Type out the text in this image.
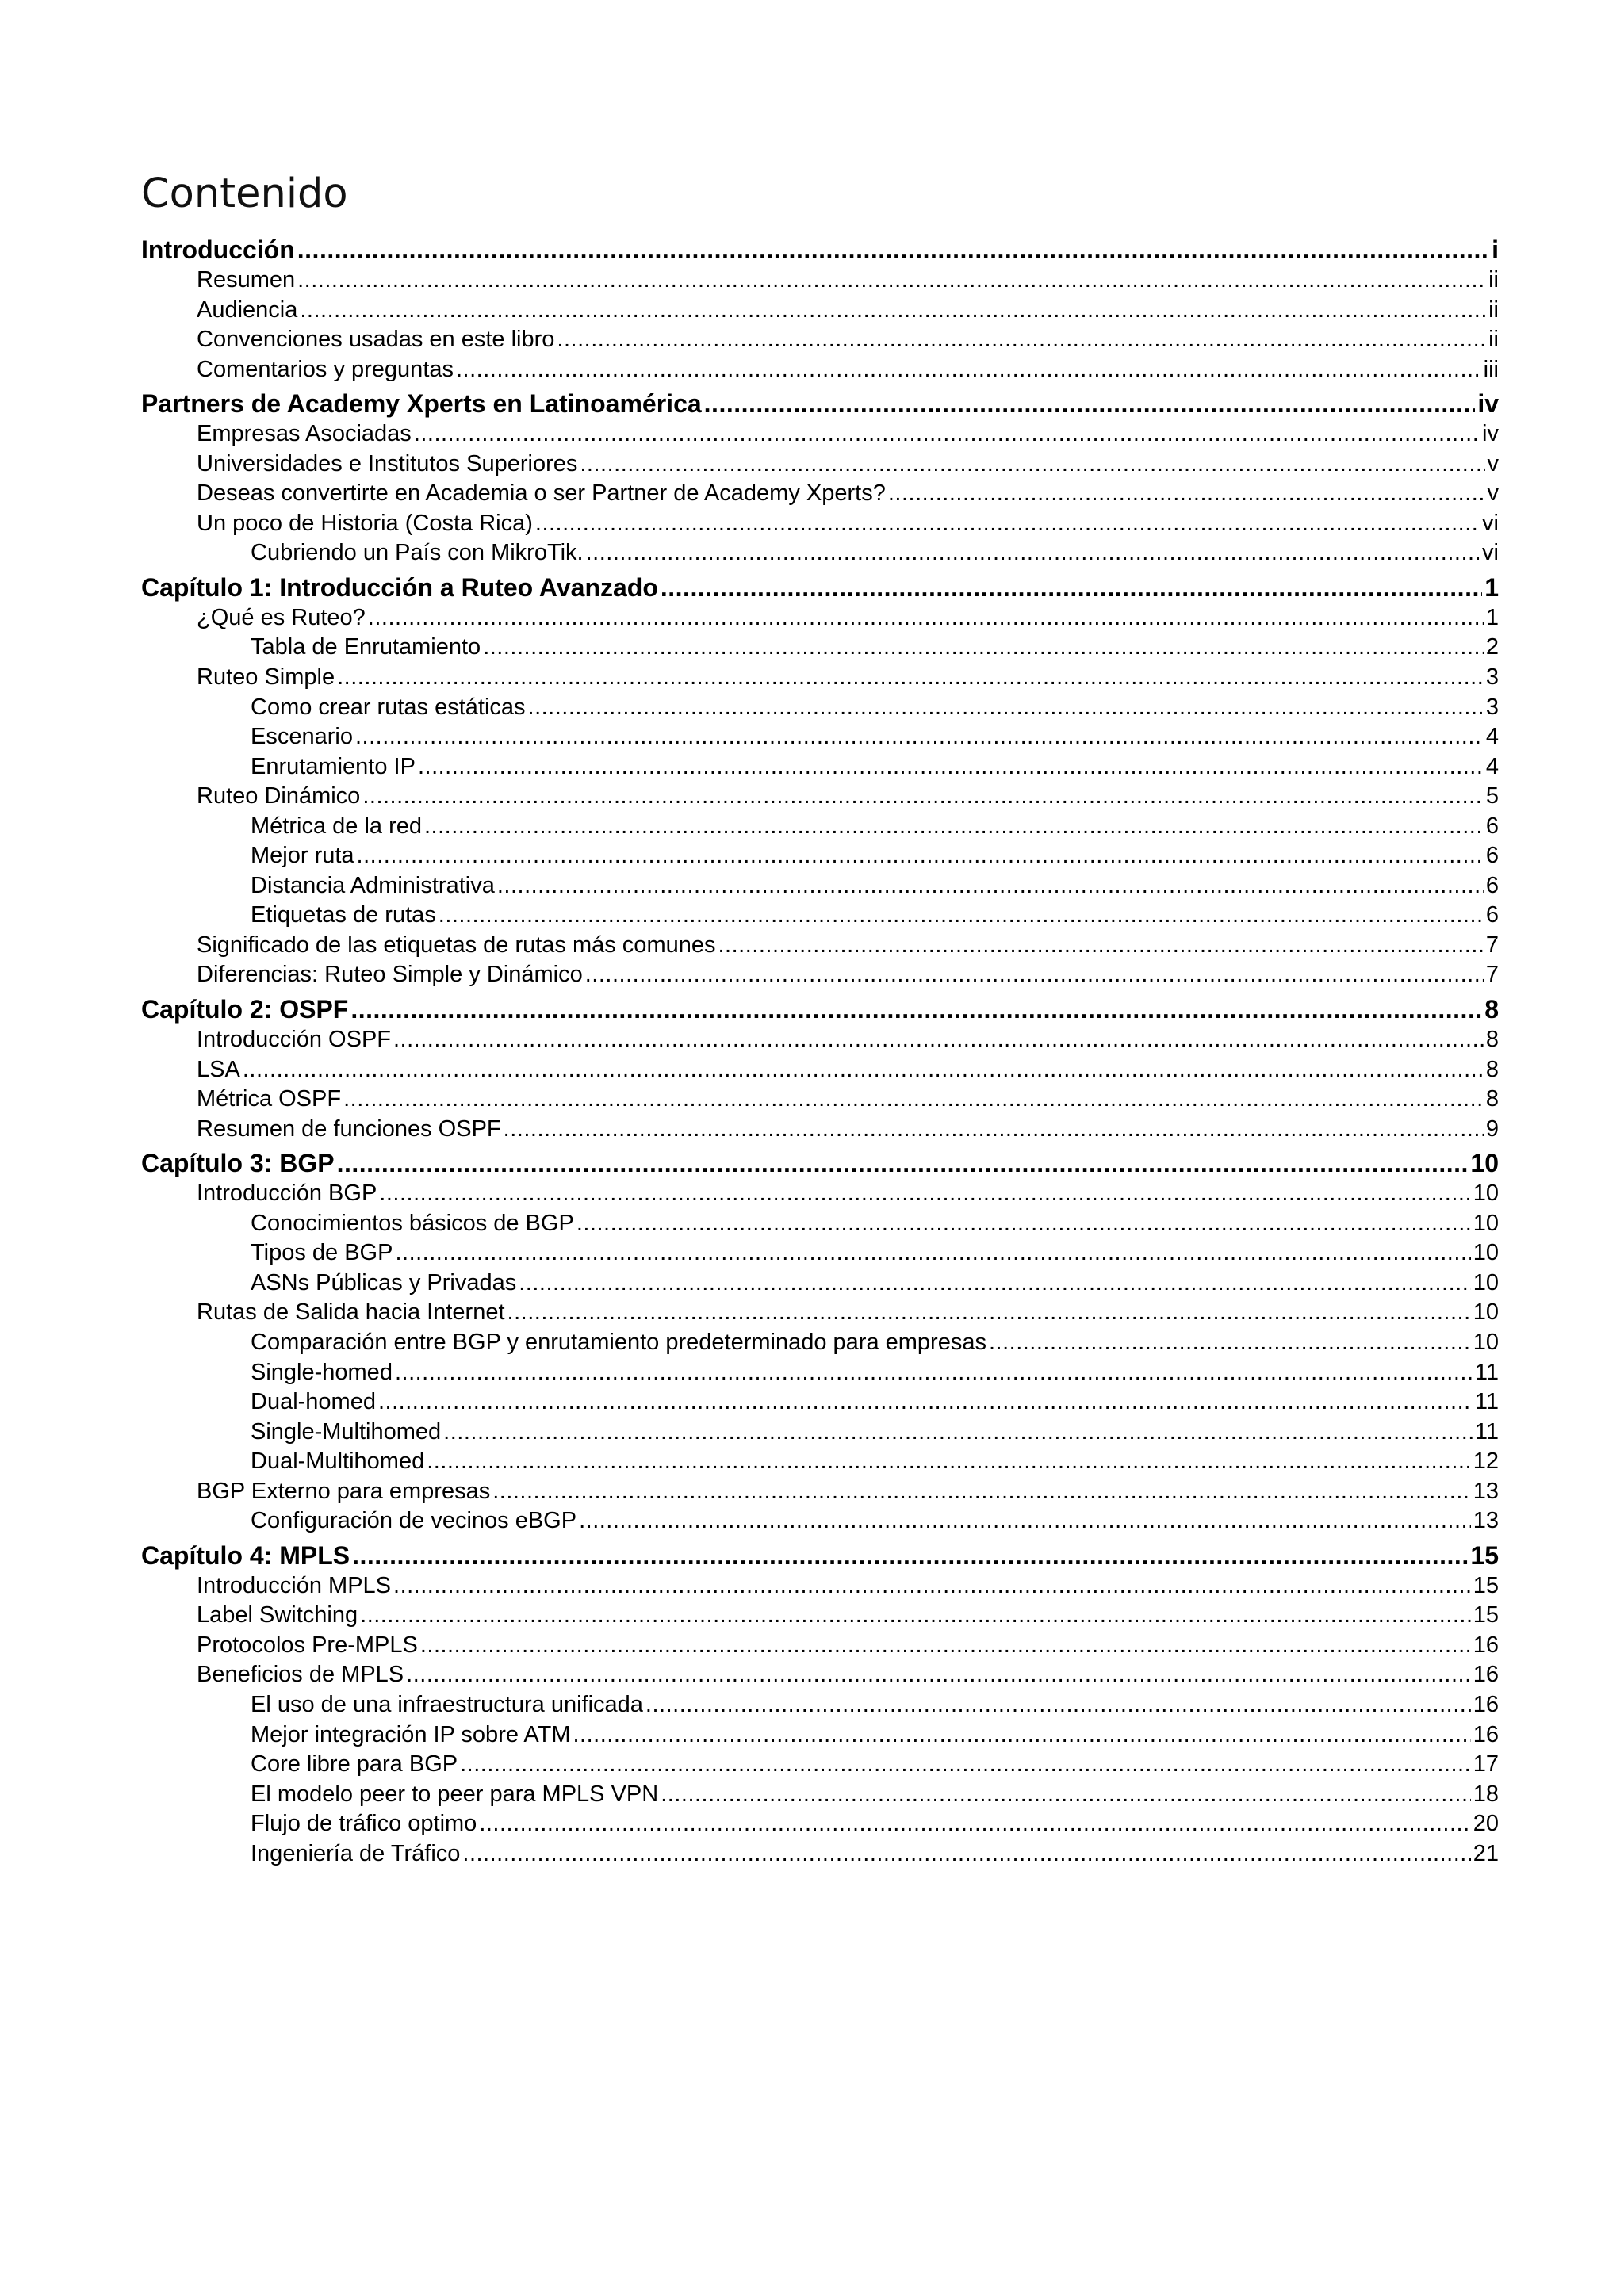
Contenido
Introducción .....	i
Resumen .....	ii
Audiencia .....	ii
Convenciones usadas en este libro .....	ii
Comentarios y preguntas .....	iii
Partners de Academy Xperts en Latinoamérica .....	iv
Empresas Asociadas .....	iv
Universidades e Institutos Superiores .....	v
Deseas convertirte en Academia o ser Partner de Academy Xperts? .....	v
Un poco de Historia (Costa Rica) .....	vi
Cubriendo un País con MikroTik. .....	vi
Capítulo 1: Introducción a Ruteo Avanzado .....	1
¿Qué es Ruteo? .....	1
Tabla de Enrutamiento .....	2
Ruteo Simple .....	3
Como crear rutas estáticas .....	3
Escenario .....	4
Enrutamiento IP .....	4
Ruteo Dinámico .....	5
Métrica de la red .....	6
Mejor ruta .....	6
Distancia Administrativa .....	6
Etiquetas de rutas .....	6
Significado de las etiquetas de rutas más comunes .....	7
Diferencias: Ruteo Simple y Dinámico .....	7
Capítulo 2: OSPF .....	8
Introducción OSPF .....	8
LSA .....	8
Métrica OSPF .....	8
Resumen de funciones OSPF .....	9
Capítulo 3: BGP .....	10
Introducción BGP .....	10
Conocimientos básicos de BGP .....	10
Tipos de BGP .....	10
ASNs Públicas y Privadas .....	10
Rutas de Salida hacia Internet .....	10
Comparación entre BGP y enrutamiento predeterminado para empresas .....	10
Single-homed .....	11
Dual-homed .....	11
Single-Multihomed .....	11
Dual-Multihomed .....	12
BGP Externo para empresas .....	13
Configuración de vecinos eBGP .....	13
Capítulo 4: MPLS .....	15
Introducción MPLS .....	15
Label Switching .....	15
Protocolos Pre-MPLS .....	16
Beneficios de MPLS .....	16
El uso de una infraestructura unificada .....	16
Mejor integración IP sobre ATM .....	16
Core libre para BGP .....	17
El modelo peer to peer para MPLS VPN .....	18
Flujo de tráfico optimo .....	20
Ingeniería de Tráfico .....	21
